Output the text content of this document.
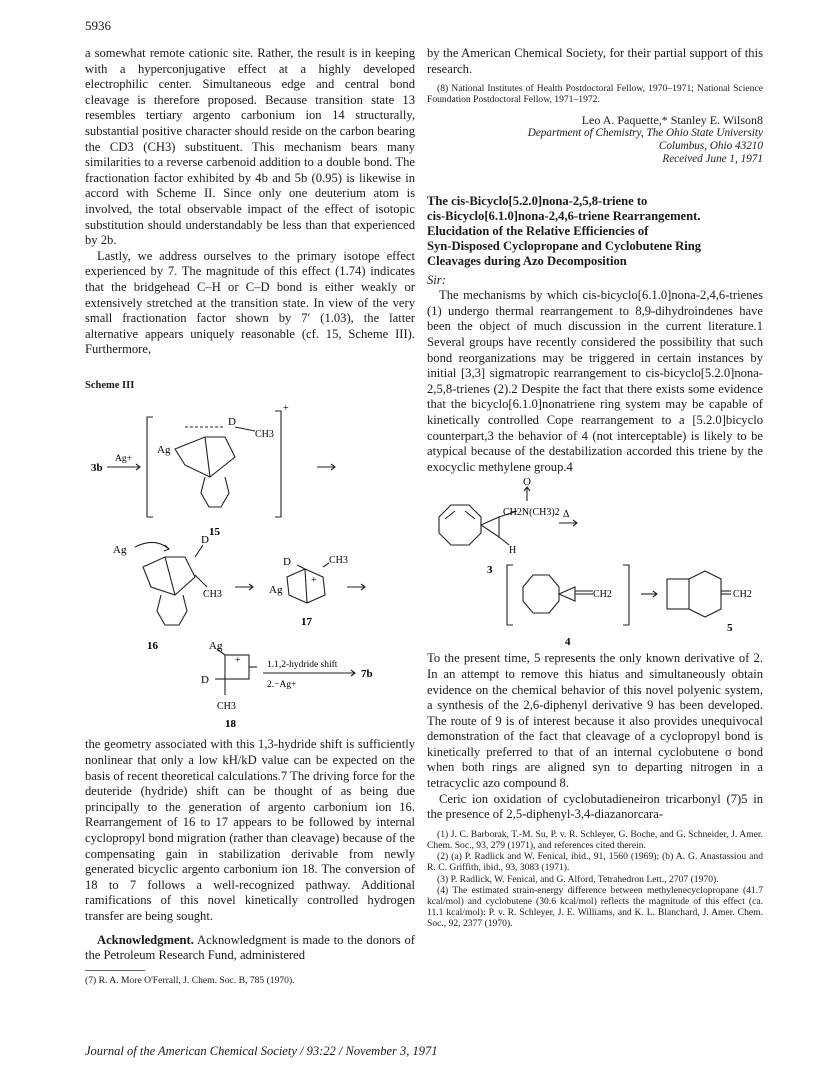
5936

a somewhat remote cationic site. Rather, the result is in keeping with a hyperconjugative effect at a highly developed electrophilic center. Simultaneous edge and central bond cleavage is therefore proposed. Because transition state 13 resembles tertiary argento carbonium ion 14 structurally, substantial positive character should reside on the carbon bearing the CD3 (CH3) substituent. This mechanism bears many similarities to a reverse carbenoid addition to a double bond. The fractionation factor exhibited by 4b and 5b (0.95) is likewise in accord with Scheme II. Since only one deuterium atom is involved, the total observable impact of the effect of isotopic substitution should understandably be less than that experienced by 2b.

Lastly, we address ourselves to the primary isotope effect experienced by 7. The magnitude of this effect (1.74) indicates that the bridgehead C–H or C–D bond is either weakly or extensively stretched at the transition state. In view of the very small fractionation factor shown by 7′ (1.03), the latter alternative appears uniquely reasonable (cf. 15, Scheme III). Furthermore,

Scheme III
3b
Ag+
Ag
D
CH3
+
15
Ag
D
CH3
16
D	CH3
Ag
+
17
Ag
+
D
CH3
18
1.1,2-hydride shift
2.−Ag+
7b

the geometry associated with this 1,3-hydride shift is sufficiently nonlinear that only a low kH/kD value can be expected on the basis of recent theoretical calculations.7 The driving force for the deuteride (hydride) shift can be thought of as being due principally to the generation of argento carbonium ion 16. Rearrangement of 16 to 17 appears to be followed by internal cyclopropyl bond migration (rather than cleavage) because of the compensating gain in stabilization derivable from newly generated bicyclic argento carbonium ion 18. The conversion of 18 to 7 follows a well-recognized pathway. Additional ramifications of this novel kinetically controlled hydrogen transfer are being sought.

Acknowledgment. Acknowledgment is made to the donors of the Petroleum Research Fund, administered

(7) R. A. More O'Ferrall, J. Chem. Soc. B, 785 (1970).

by the American Chemical Society, for their partial support of this research.

(8) National Institutes of Health Postdoctoral Fellow, 1970–1971; National Science Foundation Postdoctoral Fellow, 1971–1972.

Leo A. Paquette,* Stanley E. Wilson8
Department of Chemistry, The Ohio State University
Columbus, Ohio 43210
Received June 1, 1971
The cis-Bicyclo[5.2.0]nona-2,5,8-triene to
cis-Bicyclo[6.1.0]nona-2,4,6-triene Rearrangement.
Elucidation of the Relative Efficiencies of
Syn-Disposed Cyclopropane and Cyclobutene Ring
Cleavages during Azo Decomposition
Sir:

The mechanisms by which cis-bicyclo[6.1.0]nona-2,4,6-trienes (1) undergo thermal rearrangement to 8,9-dihydroindenes have been the object of much discussion in the current literature.1 Several groups have recently considered the possibility that such bond reorganizations may be triggered in certain instances by initial [3,3] sigmatropic rearrangement to cis-bicyclo[5.2.0]nona-2,5,8-trienes (2).2 Despite the fact that there exists some evidence that the bicyclo[6.1.0]nonatriene ring system may be capable of kinetically controlled Cope rearrangement to a [5.2.0]bicyclo counterpart,3 the behavior of 4 (not interceptable) is likely to be atypical because of the destabilization accorded this triene by the exocyclic methylene group.4

O
CH2N(CH3)2
H
Δ
3
CH2
4
CH2
5

To the present time, 5 represents the only known derivative of 2. In an attempt to remove this hiatus and simultaneously obtain evidence on the chemical behavior of this novel polyenic system, a synthesis of the 2,6-diphenyl derivative 9 has been developed. The route of 9 is of interest because it also provides unequivocal demonstration of the fact that cleavage of a cyclopropyl bond is kinetically preferred to that of an internal cyclobutene σ bond when both rings are aligned syn to departing nitrogen in a tetracyclic azo compound 8.

Ceric ion oxidation of cyclobutadieneiron tricarbonyl (7)5 in the presence of 2,5-diphenyl-3,4-diazanorcara-

(1) J. C. Barborak, T.-M. Su, P. v. R. Schleyer, G. Boche, and G. Schneider, J. Amer. Chem. Soc., 93, 279 (1971), and references cited therein.

(2) (a) P. Radlick and W. Fenical, ibid., 91, 1560 (1969); (b) A. G. Anastassiou and R. C. Griffith, ibid., 93, 3083 (1971).

(3) P. Radlick, W. Fenical, and G. Alford, Tetrahedron Lett., 2707 (1970).

(4) The estimated strain-energy difference between methylenecyclopropane (41.7 kcal/mol) and cyclobutene (30.6 kcal/mol) reflects the magnitude of this effect (ca. 11.1 kcal/mol): P. v. R. Schleyer, J. E. Williams, and K. L. Blanchard, J. Amer. Chem. Soc., 92, 2377 (1970).

Journal of the American Chemical Society / 93:22 / November 3, 1971
